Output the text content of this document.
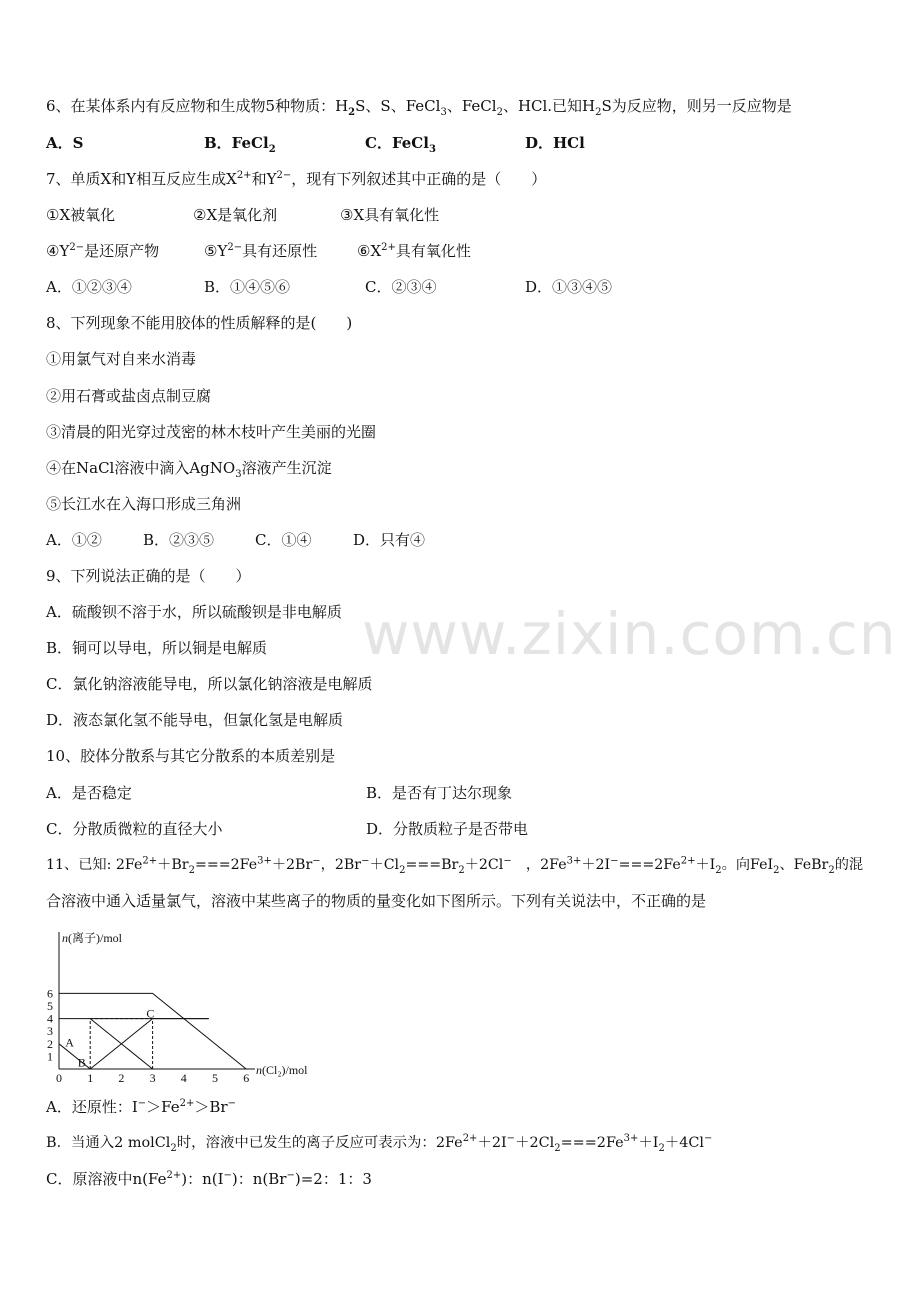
www.zixin.com.cn
6、在某体系内有反应物和生成物5种物质：$H_2S$、S、FeCl$_3$、FeCl$_2$、HCl.已知$H_2S$为反应物，则另一反应物是
A．S	B．FeCl$_2$	C．FeCl$_3$	D．HCl
7、单质X和Y相互反应生成$X^{2+}$和$Y^{2-}$，现有下列叙述其中正确的是（　　）
①X被氧化	②X是氧化剂	③X具有氧化性
$④Y^{2-}$是还原产物	$⑤Y^{2-}$具有还原性	$⑥X^{2+}$具有氧化性
A．①②③④	B．①④⑤⑥	C．②③④	D．①③④⑤
8、下列现象不能用胶体的性质解释的是(　　)
①用氯气对自来水消毒
②用石膏或盐卤点制豆腐
③清晨的阳光穿过茂密的林木枝叶产生美丽的光圈
④在NaCl溶液中滴入AgNO$_3$溶液产生沉淀
⑤长江水在入海口形成三角洲
A．①②	B．②③⑤	C．①④	D．只有④
9、下列说法正确的是（　　）
A．硫酸钡不溶于水，所以硫酸钡是非电解质
B．铜可以导电，所以铜是电解质
C．氯化钠溶液能导电，所以氯化钠溶液是电解质
D．液态氯化氢不能导电，但氯化氢是电解质
10、胶体分散系与其它分散系的本质差别是
A．是否稳定	B．是否有丁达尔现象
C．分散质微粒的直径大小	D．分散质粒子是否带电
11、已知: $2Fe^{2+}+Br_2===2Fe^{3+}+2Br^-$，$2Br^-+Cl_2===Br_2+2Cl^-$　，$2Fe^{3+}+2I^-===2Fe^{2+}+I_2$。向FeI$_2$、FeBr$_2$的混
合溶液中通入适量氯气，溶液中某些离子的物质的量变化如下图所示。下列有关说法中，不正确的是
0 1 2 3 4 5 6
1
2
3
4
5
6
A
B
C
n(离子)/mol
n(Cl₂)/mol
A．还原性：$I^->Fe^{2+}>Br^-$
B．当通入2 molCl$_2$时，溶液中已发生的离子反应可表示为：$2Fe^{2+}+2I^-+2Cl_2===2Fe^{3+}+I_2+4Cl^-$
C．原溶液中$n(Fe^{2+})$：n(I−)：n(Br−)=2：1：3
